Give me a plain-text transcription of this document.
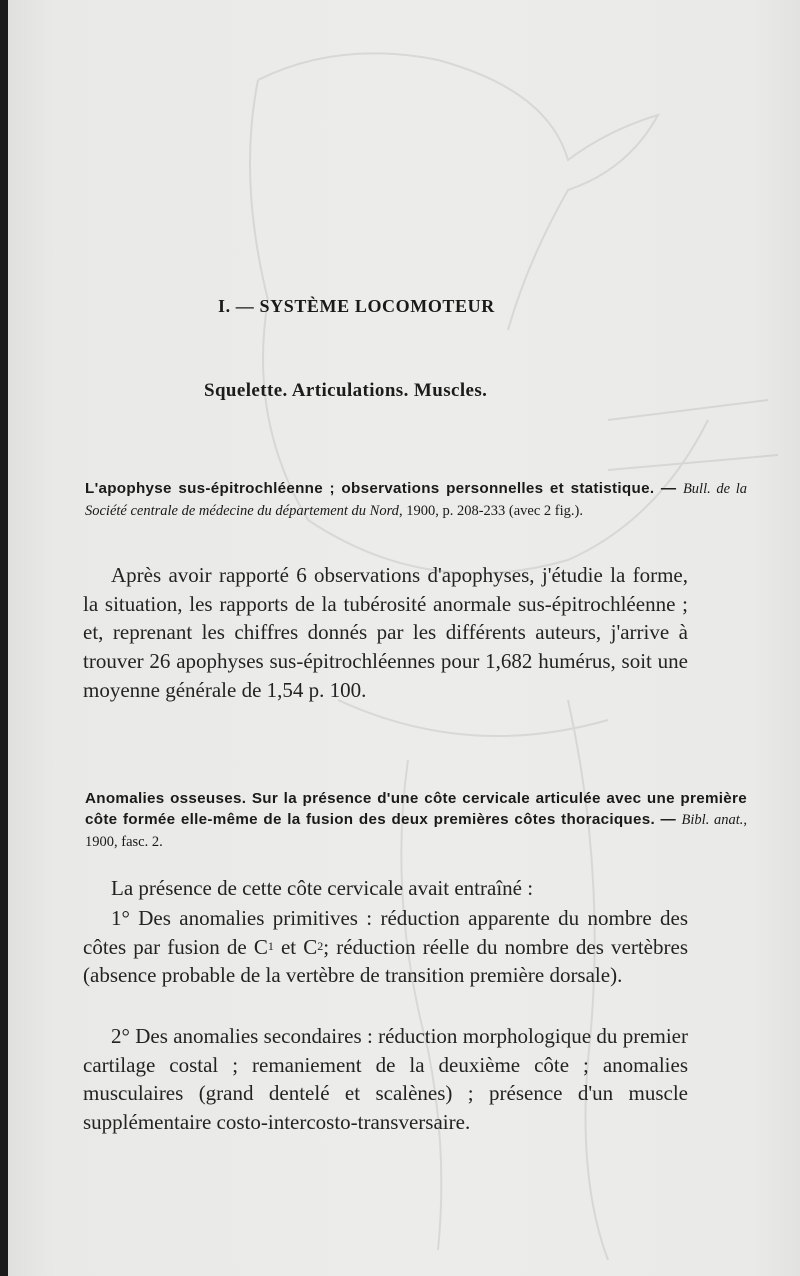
I. — SYSTÈME LOCOMOTEUR
Squelette. Articulations. Muscles.
L'apophyse sus-épitrochléenne ; observations personnelles et statistique. — Bull. de la Société centrale de médecine du département du Nord, 1900, p. 208-233 (avec 2 fig.).
Après avoir rapporté 6 observations d'apophyses, j'étudie la forme, la situation, les rapports de la tubérosité anormale sus-épitrochléenne ; et, reprenant les chiffres donnés par les différents auteurs, j'arrive à trouver 26 apophyses sus-épitrochléennes pour 1,682 humérus, soit une moyenne générale de 1,54 p. 100.
Anomalies osseuses. Sur la présence d'une côte cervicale articulée avec une première côte formée elle-même de la fusion des deux premières côtes thoraciques. — Bibl. anat., 1900, fasc. 2.
La présence de cette côte cervicale avait entraîné :
1° Des anomalies primitives : réduction apparente du nombre des côtes par fusion de $C^1$ et $C^2$; réduction réelle du nombre des vertèbres (absence probable de la vertèbre de transition première dorsale).
2° Des anomalies secondaires : réduction morphologique du premier cartilage costal ; remaniement de la deuxième côte ; anomalies musculaires (grand dentelé et scalènes) ; présence d'un muscle supplémentaire costo-intercosto-transversaire.
